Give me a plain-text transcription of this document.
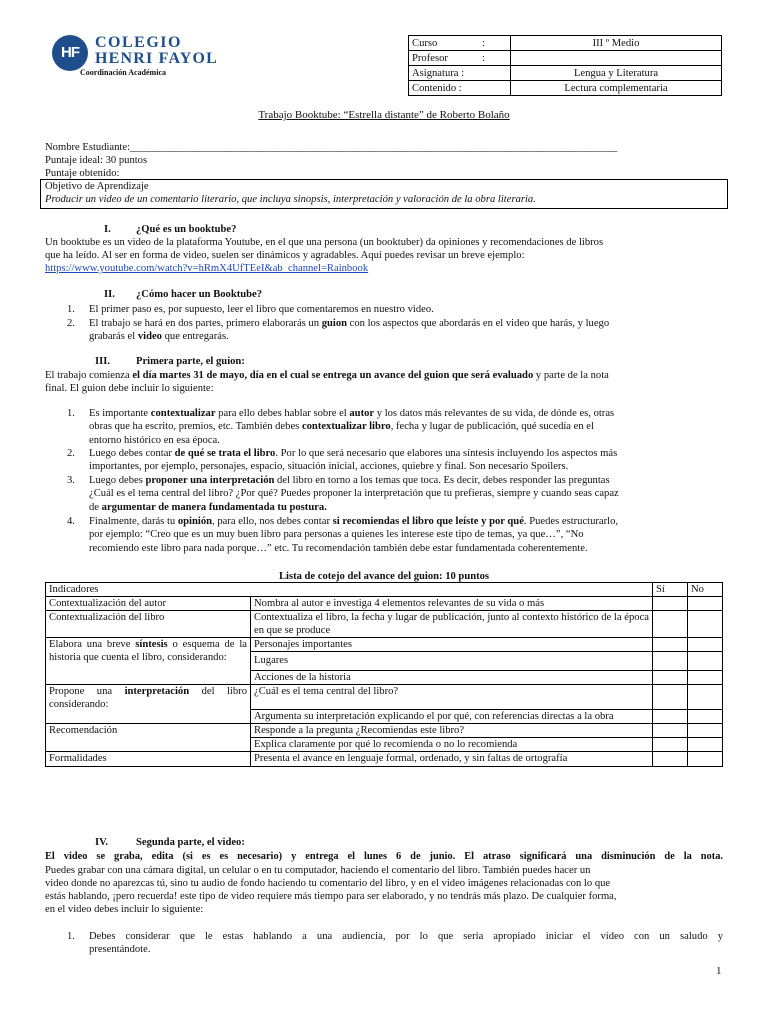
HF
COLEGIO
HENRI FAYOL
Coordinación Académica
Curso	:	III º Medio
Profesor	:	
Asignatura :		Lengua y Literatura
Contenido :		Lectura complementaria
Trabajo Booktube: “Estrella distante” de Roberto Bolaño
Nombre Estudiante:____________________________________________________________________________________________
Puntaje ideal: 30 puntos
Puntaje obtenido:
Objetivo de Aprendizaje
Producir un video de un comentario literario, que incluya sinopsis, interpretación y valoración de la obra literaria.
I. ¿Qué es un booktube?
Un booktube es un video de la plataforma Youtube, en el que una persona (un booktuber) da opiniones y recomendaciones de libros
que ha leído. Al ser en forma de video, suelen ser dinámicos y agradables. Aquí puedes revisar un breve ejemplo:
https://www.youtube.com/watch?v=hRmX4UfTEeI&ab_channel=Rainbook
II. ¿Cómo hacer un Booktube?
1. El primer paso es, por supuesto, leer el libro que comentaremos en nuestro video.
2. El trabajo se hará en dos partes, primero elaborarás un guion con los aspectos que abordarás en el video que harás, y luego
grabarás el video que entregarás.
III. Primera parte, el guion:
El trabajo comienza el día martes 31 de mayo, día en el cual se entrega un avance del guion que será evaluado y parte de la nota
final. El guion debe incluir lo siguiente:
1. Es importante contextualizar para ello debes hablar sobre el autor y los datos más relevantes de su vida, de dónde es, otras
obras que ha escrito, premios, etc. También debes contextualizar libro, fecha y lugar de publicación, qué sucedía en el
entorno histórico en esa época.
2. Luego debes contar de qué se trata el libro. Por lo que será necesario que elabores una síntesis incluyendo los aspectos más
importantes, por ejemplo, personajes, espacio, situación inicial, acciones, quiebre y final. Son necesario Spoilers.
3. Luego debes proponer una interpretación del libro en torno a los temas que toca. Es decir, debes responder las preguntas
¿Cuál es el tema central del libro? ¿Por qué? Puedes proponer la interpretación que tu prefieras, siempre y cuando seas capaz
de argumentar de manera fundamentada tu postura.
4. Finalmente, darás tu opinión, para ello, nos debes contar si recomiendas el libro que leíste y por qué. Puedes estructurarlo,
por ejemplo: “Creo que es un muy buen libro para personas a quienes les interese este tipo de temas, ya que…”, “No
recomiendo este libro para nada porque…” etc. Tu recomendación también debe estar fundamentada coherentemente.
Lista de cotejo del avance del guion: 10 puntos
Indicadores		Sí	No
Contextualización del autor	Nombra al autor e investiga 4 elementos relevantes de su vida o más		
Contextualización del libro	Contextualiza el libro, la fecha y lugar de publicación, junto al contexto histórico de la época en que se produce		
Elabora una breve síntesis o esquema de la historia que cuenta el libro, considerando:	Personajes importantes		
	Lugares		
	Acciones de la historia		
Propone una interpretación del libro considerando:	¿Cuál es el tema central del libro?		
	Argumenta su interpretación explicando el por qué, con referencias directas a la obra		
Recomendación	Responde a la pregunta ¿Recomiendas este libro?		
	Explica claramente por qué lo recomienda o no lo recomienda		
Formalidades	Presenta el avance en lenguaje formal, ordenado, y sin faltas de ortografía		
IV.	Segunda parte, el video:
El video se graba, edita (si es es necesario) y entrega el lunes 6 de junio. El atraso significará una disminución de la nota.
Puedes grabar con una cámara digital, un celular o en tu computador, haciendo el comentario del libro. También puedes hacer un
video donde no aparezcas tú, sino tu audio de fondo haciendo tu comentario del libro, y en el video imágenes relacionadas con lo que
estás hablando, ¡pero recuerda! este tipo de video requiere más tiempo para ser elaborado, y no tendrás más plazo. De cualquier forma,
en el video debes incluir lo siguiente:
1. Debes considerar que le estas hablando a una audiencia, por lo que sería apropiado iniciar el video con un saludo y
presentándote.
1
